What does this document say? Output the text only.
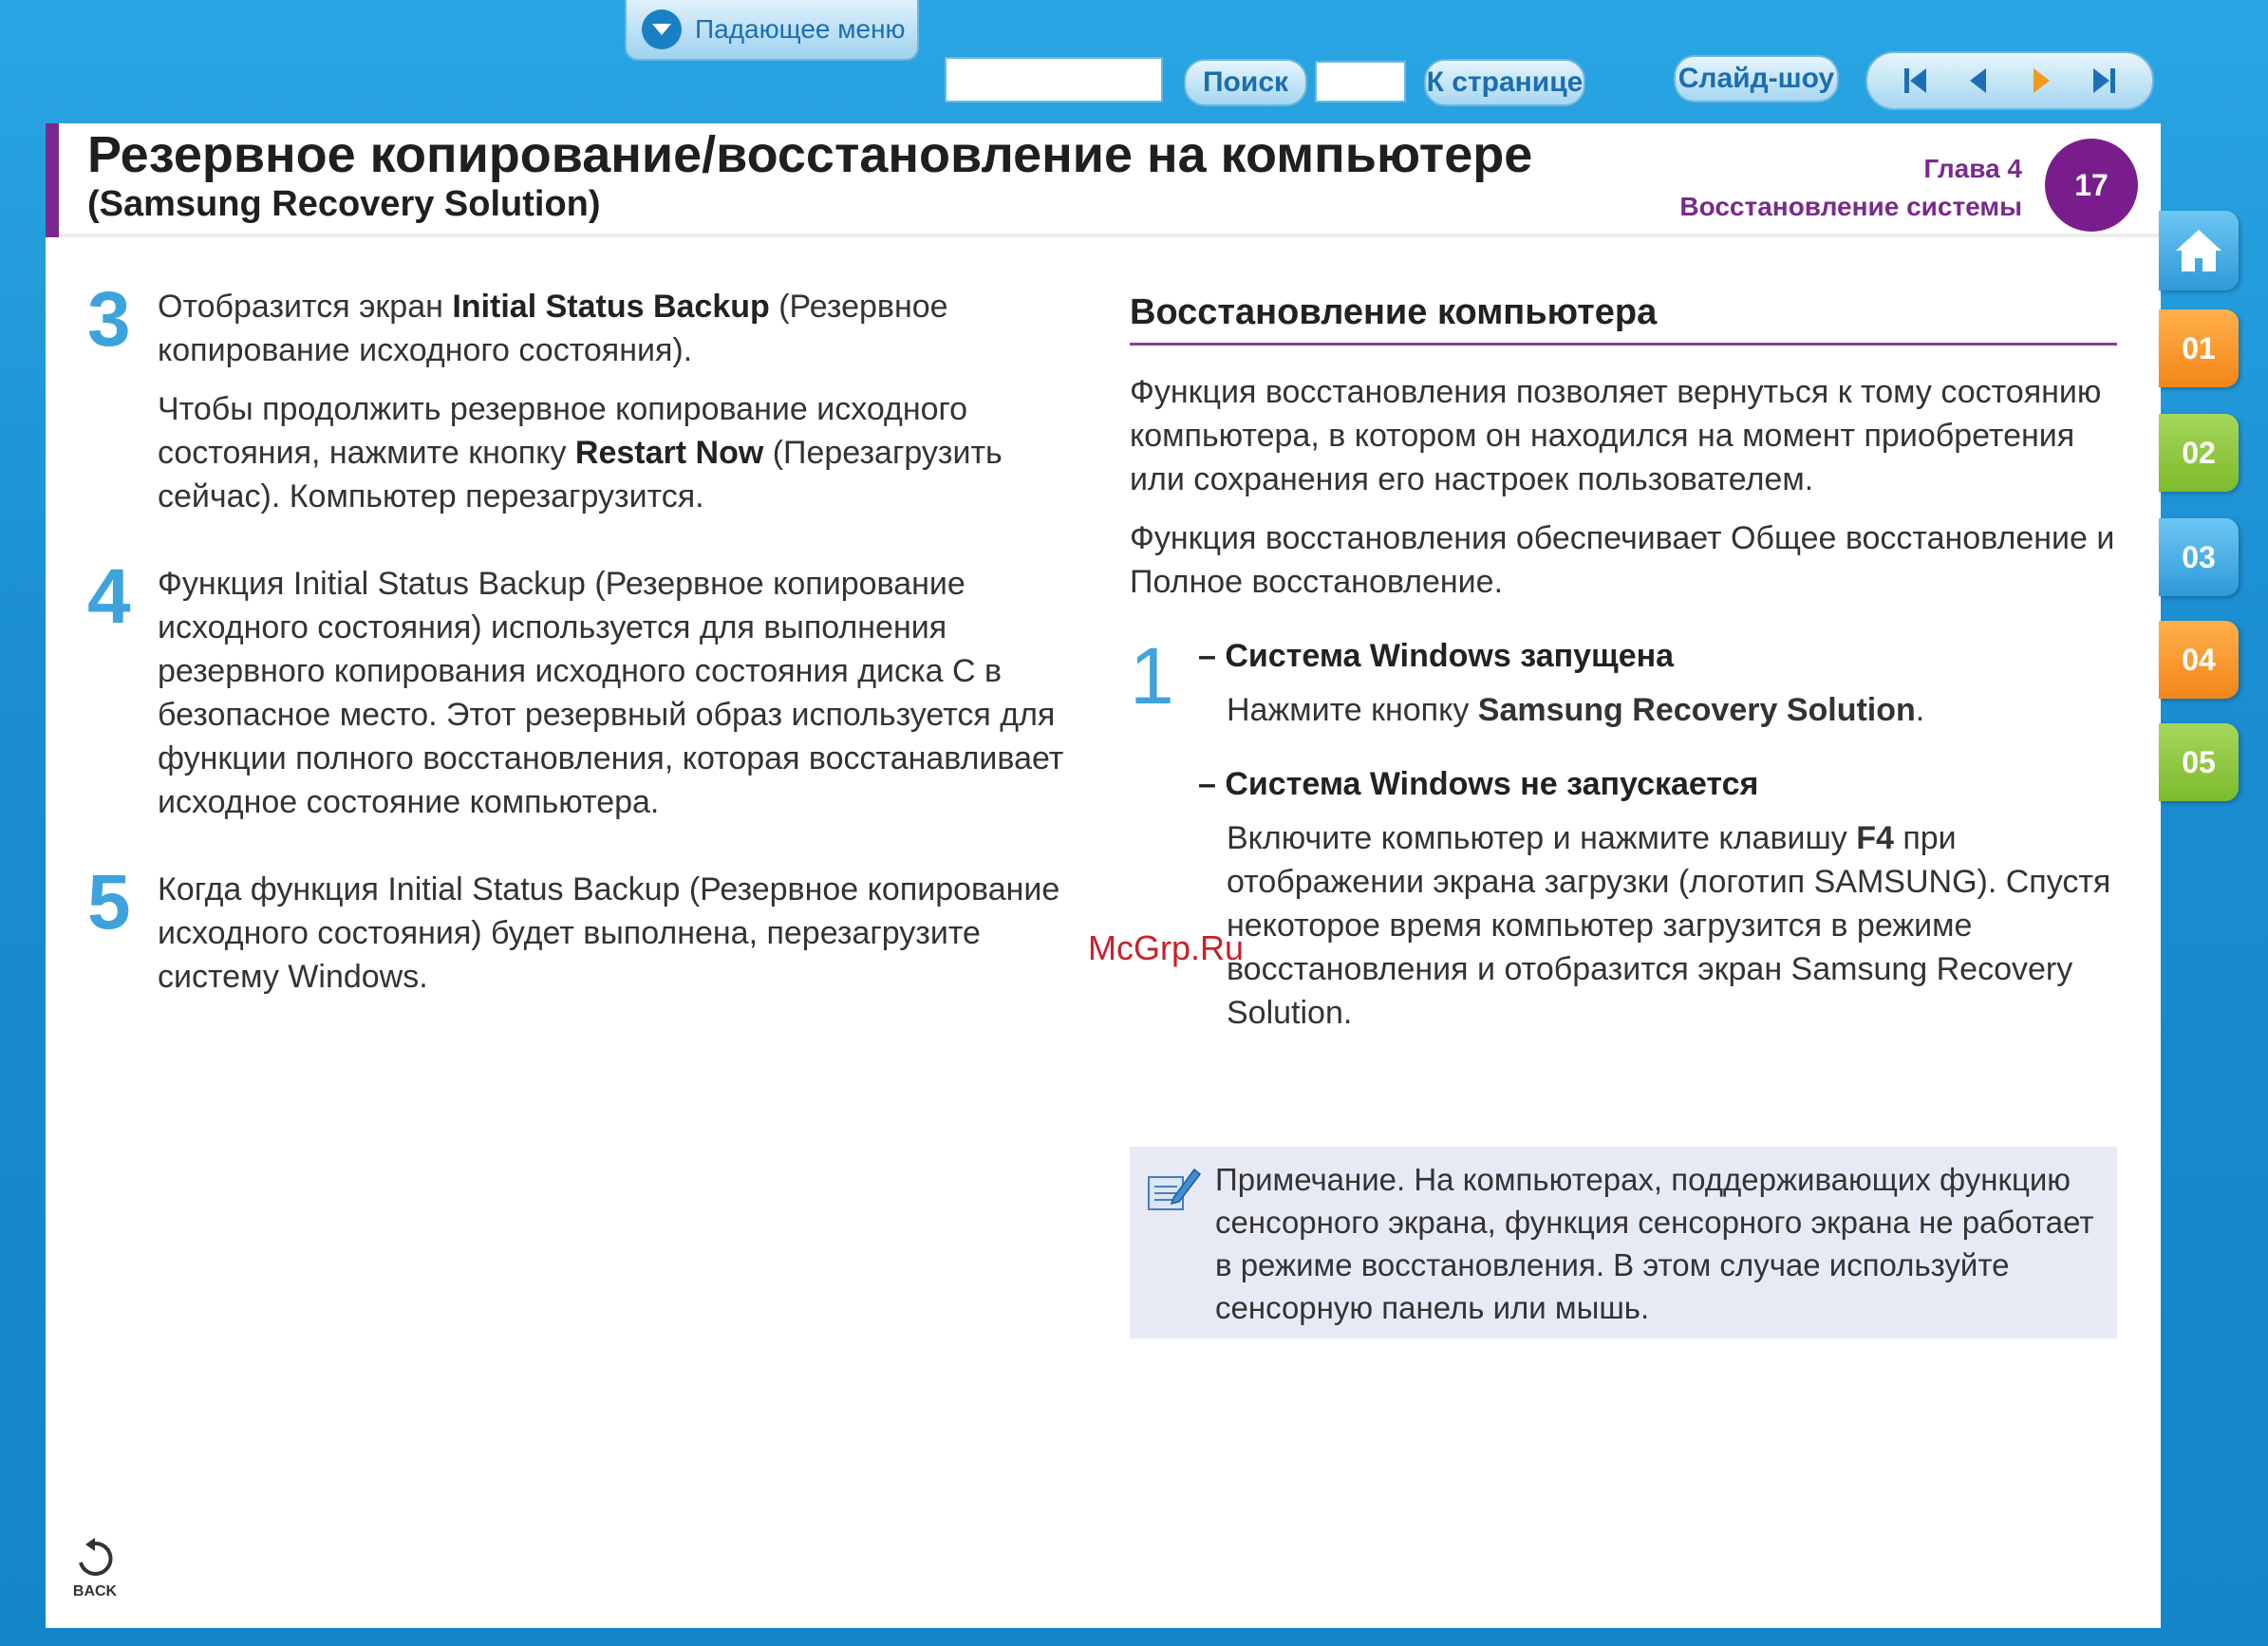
Падающее меню
Поиск	К странице	Слайд-шоу
Резервное копирование/восстановление на компьютере
(Samsung Recovery Solution)
Глава 4
Восстановление системы
17
3 Отобразится экран Initial Status Backup (Резервное копирование исходного состояния).

Чтобы продолжить резервное копирование исходного состояния, нажмите кнопку Restart Now (Перезагрузить сейчас). Компьютер перезагрузится.

4 Функция Initial Status Backup (Резервное копирование исходного состояния) используется для выполнения резервного копирования исходного состояния диска C в безопасное место. Этот резервный образ используется для функции полного восстановления, которая восстанавливает исходное состояние компьютера.

5 Когда функция Initial Status Backup (Резервное копирование исходного состояния) будет выполнена, перезагрузите систему Windows.

Восстановление компьютера

Функция восстановления позволяет вернуться к тому состоянию компьютера, в котором он находился на момент приобретения или сохранения его настроек пользователем.

Функция восстановления обеспечивает Общее восстановление и Полное восстановление.

1 – Система Windows запущена

Нажмите кнопку Samsung Recovery Solution.

– Система Windows не запускается

Включите компьютер и нажмите клавишу F4 при отображении экрана загрузки (логотип SAMSUNG). Спустя некоторое время компьютер загрузится в режиме восстановления и отобразится экран Samsung Recovery Solution.

Примечание. На компьютерах, поддерживающих функцию сенсорного экрана, функция сенсорного экрана не работает в режиме восстановления. В этом случае используйте сенсорную панель или мышь.
McGrp.Ru
BACK
01
02
03
04
05
